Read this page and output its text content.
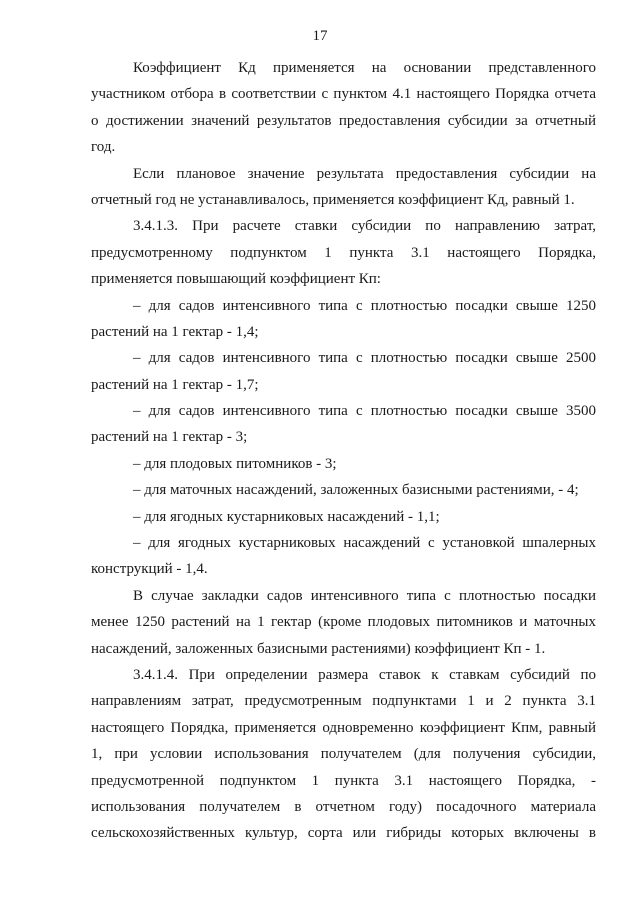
17
Коэффициент Кд применяется на основании представленного
участником отбора в соответствии с пунктом 4.1 настоящего Порядка отчета
о достижении значений результатов предоставления субсидии за отчетный
год.
Если плановое значение результата предоставления субсидии на
отчетный год не устанавливалось, применяется коэффициент Кд, равный 1.
3.4.1.3. При расчете ставки субсидии по направлению затрат,
предусмотренному подпунктом 1 пункта 3.1 настоящего Порядка,
применяется повышающий коэффициент Кп:
– для садов интенсивного типа с плотностью посадки свыше 1250
растений на 1 гектар - 1,4;
– для садов интенсивного типа с плотностью посадки свыше 2500
растений на 1 гектар - 1,7;
– для садов интенсивного типа с плотностью посадки свыше 3500
растений на 1 гектар - 3;
– для плодовых питомников - 3;
– для маточных насаждений, заложенных базисными растениями, - 4;
– для ягодных кустарниковых насаждений - 1,1;
– для ягодных кустарниковых насаждений с установкой шпалерных
конструкций - 1,4.
В случае закладки садов интенсивного типа с плотностью посадки
менее 1250 растений на 1 гектар (кроме плодовых питомников и маточных
насаждений, заложенных базисными растениями) коэффициент Кп - 1.
3.4.1.4. При определении размера ставок к ставкам субсидий по
направлениям затрат, предусмотренным подпунктами 1 и 2 пункта 3.1
настоящего Порядка, применяется одновременно коэффициент Кпм, равный
1, при условии использования получателем (для получения субсидии,
предусмотренной подпунктом 1 пункта 3.1 настоящего Порядка, -
использования получателем в отчетном году) посадочного материала
сельскохозяйственных культур, сорта или гибриды которых включены в
